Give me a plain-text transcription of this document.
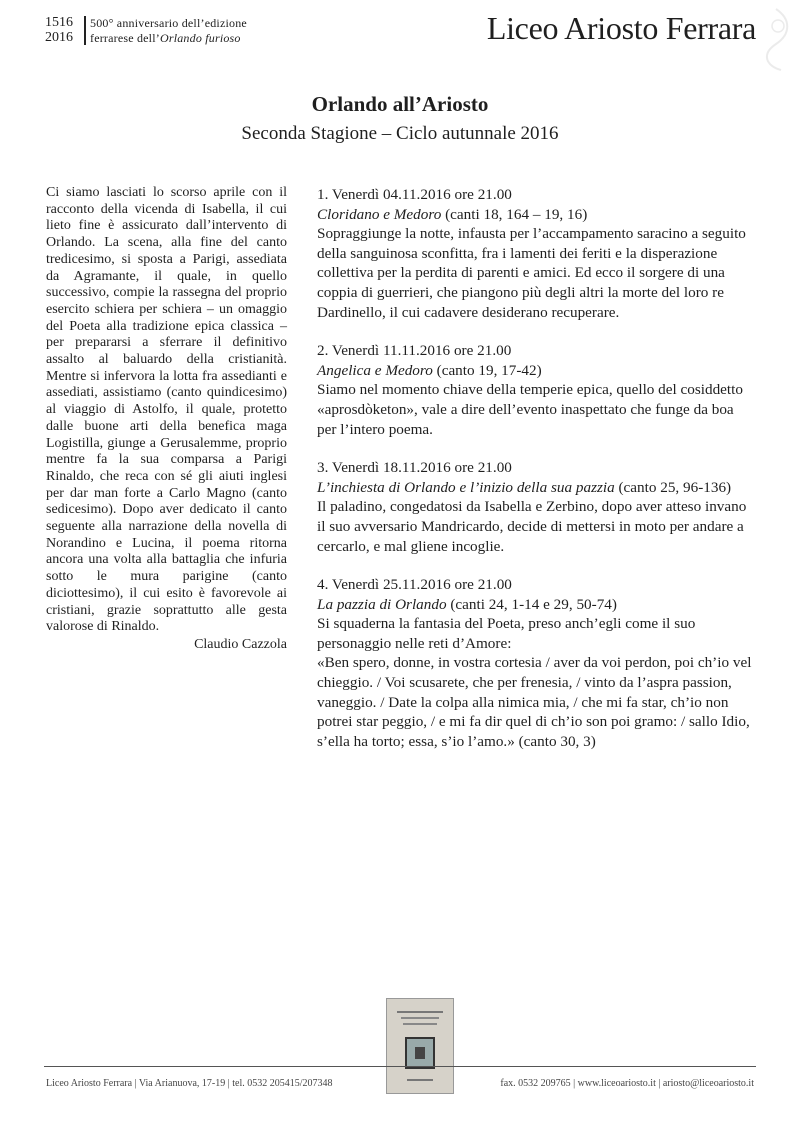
1516
2016
500° anniversario dell’edizione
ferrarese dell’Orlando furioso	Liceo Ariosto Ferrara
Orlando all’Ariosto
Seconda Stagione – Ciclo autunnale 2016

Ci siamo lasciati lo scorso aprile con il racconto della vicenda di Isabella, il cui lieto fine è assicurato dall’intervento di Orlando. La scena, alla fine del canto tredicesimo, si sposta a Parigi, assediata da Agramante, il quale, in quello successivo, compie la rassegna del proprio esercito schiera per schiera – un omaggio del Poeta alla tradizione epica classica – per prepararsi a sferrare il definitivo assalto al baluardo della cristianità. Mentre si infervora la lotta fra assedianti e assediati, assistiamo (canto quindicesimo) al viaggio di Astolfo, il quale, protetto dalle buone arti della benefica maga Logistilla, giunge a Gerusalemme, proprio mentre fa la sua comparsa a Parigi Rinaldo, che reca con sé gli aiuti inglesi per dar man forte a Carlo Magno (canto sedicesimo). Dopo aver dedicato il canto seguente alla narrazione della novella di Norandino e Lucina, il poema ritorna ancora una volta alla battaglia che infuria sotto le mura parigine (canto diciottesimo), il cui esito è favorevole ai cristiani, grazie soprattutto alle gesta valorose di Rinaldo.

Claudio Cazzola
1. Venerdì 04.11.2016 ore 21.00
Cloridano e Medoro (canti 18, 164 – 19, 16)
Sopraggiunge la notte, infausta per l’accampamento saracino a seguito della sanguinosa sconfitta, fra i lamenti dei feriti e la disperazione collettiva per la perdita di parenti e amici. Ed ecco il sorgere di una coppia di guerrieri, che piangono più degli altri la morte del loro re Dardinello, il cui cadavere desiderano recuperare.
2. Venerdì 11.11.2016 ore 21.00
Angelica e Medoro (canto 19, 17-42)
Siamo nel momento chiave della temperie epica, quello del cosiddetto «aprosdòketon», vale a dire dell’evento inaspettato che funge da boa per l’intero poema.
3. Venerdì 18.11.2016 ore 21.00
L’inchiesta di Orlando e l’inizio della sua pazzia (canto 25, 96-136)
Il paladino, congedatosi da Isabella e Zerbino, dopo aver atteso invano il suo avversario Mandricardo, decide di mettersi in moto per andare a cercarlo, e mal gliene incoglie.
4. Venerdì 25.11.2016 ore 21.00
La pazzia di Orlando (canti 24, 1-14 e 29, 50-74)
Si squaderna la fantasia del Poeta, preso anch’egli come il suo personaggio nelle reti d’Amore:
«Ben spero, donne, in vostra cortesia / aver da voi perdon, poi ch’io vel chieggio. / Voi scusarete, che per frenesia, / vinto da l’aspra passion, vaneggio. / Date la colpa alla nimica mia, / che mi fa star, ch’io non potrei star peggio, / e mi fa dir quel di ch’io son poi gramo: / sallo Idio, s’ella ha torto; essa, s’io l’amo.» (canto 30, 3)
Liceo Ariosto Ferrara | Via Arianuova, 17-19 | tel. 0532 205415/207348	fax. 0532 209765 | www.liceoariosto.it | ariosto@liceoariosto.it
